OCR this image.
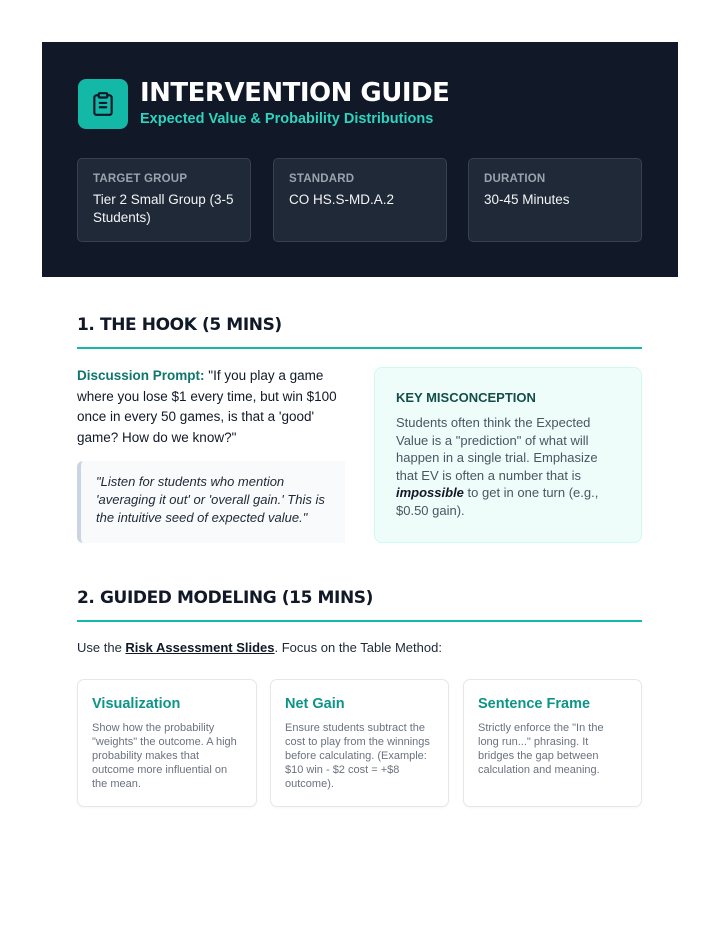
INTERVENTION GUIDE
Expected Value & Probability Distributions
TARGET GROUP
Tier 2 Small Group (3-5 Students)
STANDARD
CO HS.S-MD.A.2
DURATION
30-45 Minutes
1. THE HOOK (5 MINS)
Discussion Prompt: "If you play a game where you lose $1 every time, but win $100 once in every 50 games, is that a 'good' game? How do we know?"
"Listen for students who mention 'averaging it out' or 'overall gain.' This is the intuitive seed of expected value."
KEY MISCONCEPTION
Students often think the Expected Value is a "prediction" of what will happen in a single trial. Emphasize that EV is often a number that is impossible to get in one turn (e.g., $0.50 gain).
2. GUIDED MODELING (15 MINS)
Use the Risk Assessment Slides. Focus on the Table Method:
Visualization
Show how the probability "weights" the outcome. A high probability makes that outcome more influential on the mean.
Net Gain
Ensure students subtract the cost to play from the winnings before calculating. (Example: $10 win - $2 cost = +$8 outcome).
Sentence Frame
Strictly enforce the "In the long run..." phrasing. It bridges the gap between calculation and meaning.
